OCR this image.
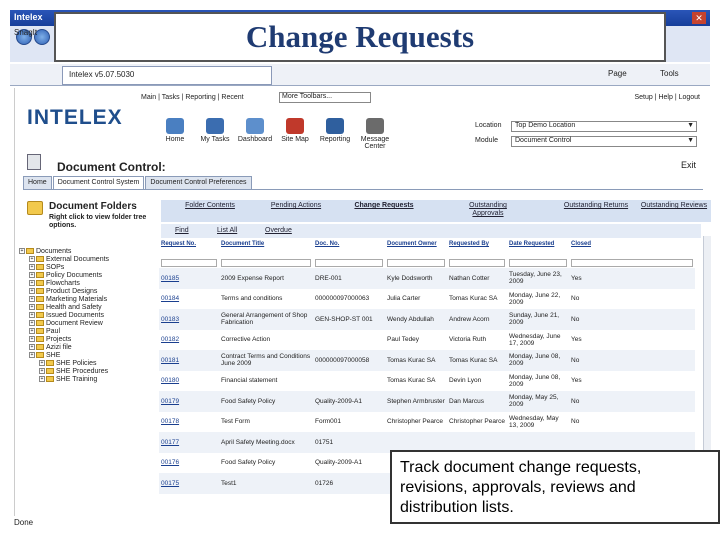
Intelex	✕
SnagIt
Intelex v5.07.5030	Page	Tools
Change Requests
Main | Tasks | Reporting | Recent	More Toolbars...	Setup | Help | Logout
INTELEX
Home	My Tasks	Dashboard	Site Map	Reporting	Message Center
Location	Top Demo Location	▼
Module	Document Control	▼
Document Control:	Exit
Home Document Control System Document Control Preferences
Document Folders
Right click to view folder tree options.
+ Documents
+ External Documents
+ SOPs
+ Policy Documents
+ Flowcharts
+ Product Designs
+ Marketing Materials
+ Health and Safety
+ Issued Documents
+ Document Review
+ Paul
+ Projects
+ Azizi file
+ SHE
+ SHE Policies
+ SHE Procedures
+ SHE Training
Folder Contents	Pending Actions	Change Requests	Outstanding Approvals
Outstanding Returns	Outstanding Reviews
Find	List All	Overdue
Request No.	Document Title	Doc. No.	Document Owner	Requested By	Date Requested	Closed

00185	2009 Expense Report	DRE-001	Kyle Dodsworth	Nathan Cotter	Tuesday, June 23, 2009	Yes
00184	Terms and conditions	000000097000063	Julia Carter	Tomas Kurac SA	Monday, June 22, 2009	No
00183	General Arrangement of Shop Fabrication	GEN-SHOP-ST 001	Wendy Abdullah	Andrew Acorn	Sunday, June 21, 2009	No
00182	Corrective Action		Paul Tedey	Victoria Ruth	Wednesday, June 17, 2009	Yes
00181	Contract Terms and Conditions June 2009	000000097000058	Tomas Kurac SA	Tomas Kurac SA	Monday, June 08, 2009	No
00180	Financial statement		Tomas Kurac SA	Devin Lyon	Monday, June 08, 2009	Yes
00179	Food Safety Policy	Quality-2009-A1	Stephen Armbruster	Dan Marcus	Monday, May 25, 2009	No
00178	Test Form	Form001	Christopher Pearce	Christopher Pearce	Wednesday, May 13, 2009	No
00177	April Safety Meeting.docx	01751				
00176	Food Safety Policy	Quality-2009-A1				
00175	Test1	01726				
Done
Track document change requests, revisions, approvals, reviews and distribution lists.
